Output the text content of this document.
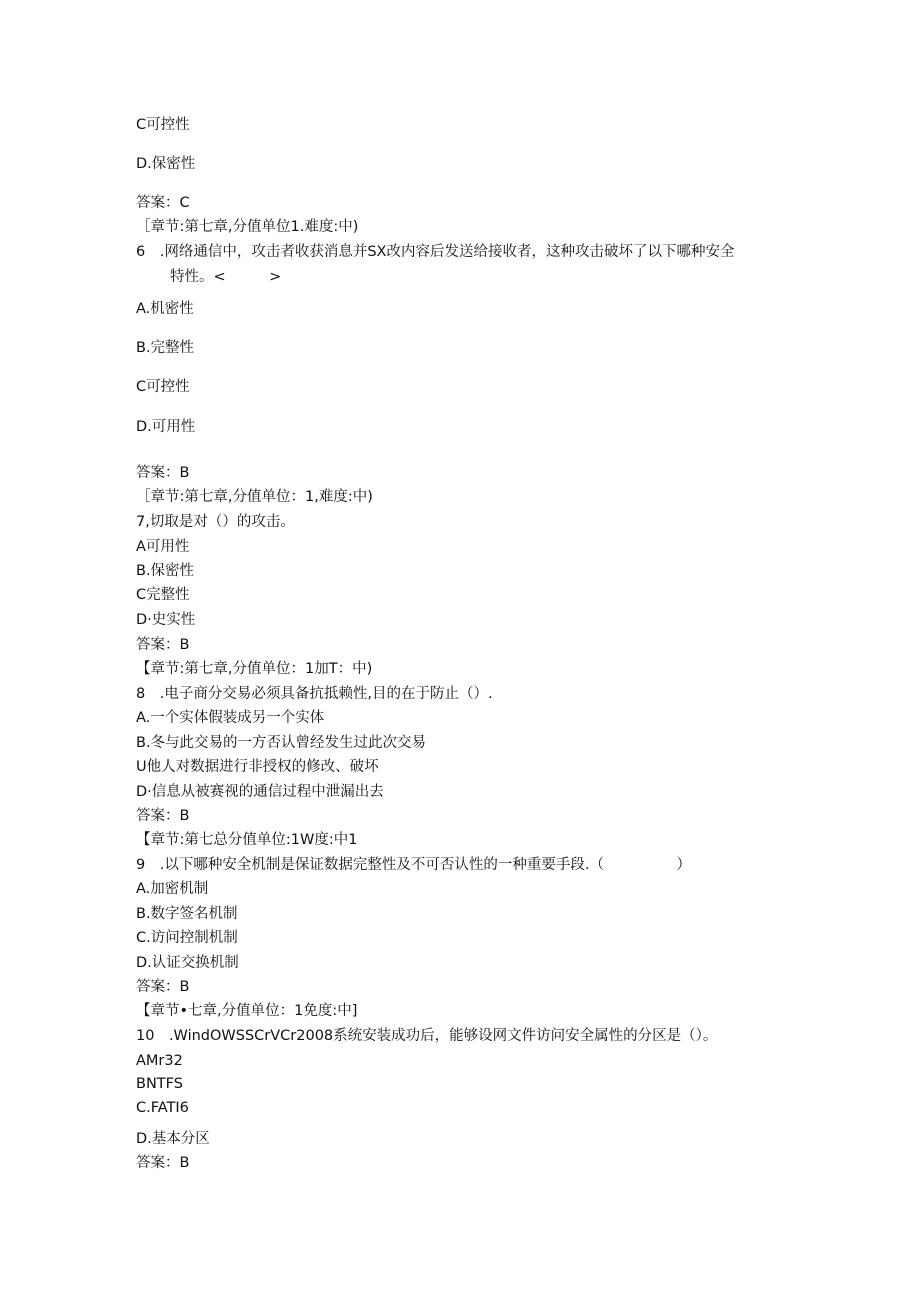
C可控性
D.保密性
答案：C
［章节:第七章,分值单位1.难度:中)
6　.网络通信中，攻击者收获消息并SX改内容后发送给接收者，这种攻击破坏了以下哪种安全
特性。<　　　>
A.机密性
B.完整性
C可控性
D.可用性
答案：B
［章节:第七章,分值单位：1,难度:中)
7,切取是对（）的攻击。
A可用性
B.保密性
C完整性
D·史实性
答案：B
【章节:第七章,分值单位：1加T：中)
8　.电子商分交易必须具备抗抵赖性,目的在于防止（）.
A.一个实体假装成另一个实体
B.冬与此交易的一方否认曾经发生过此次交易
U他人对数据进行非授权的修改、破坏
D·信息从被赛视的通信过程中泄漏出去
答案：B
【章节:第七总分值单位:1W度:中1
9　.以下哪种安全机制是保证数据完整性及不可否认性的一种重要手段.（　　　　　）
A.加密机制
B.数字签名机制
C.访问控制机制
D.认证交换机制
答案：B
【章节•七章,分值单位：1免度:中]
10　.WindOWSSCrVCr2008系统安装成功后，能够设网文件访问安全属性的分区是（）。
AMr32
BNTFS
C.FATI6
D.基本分区
答案：B
